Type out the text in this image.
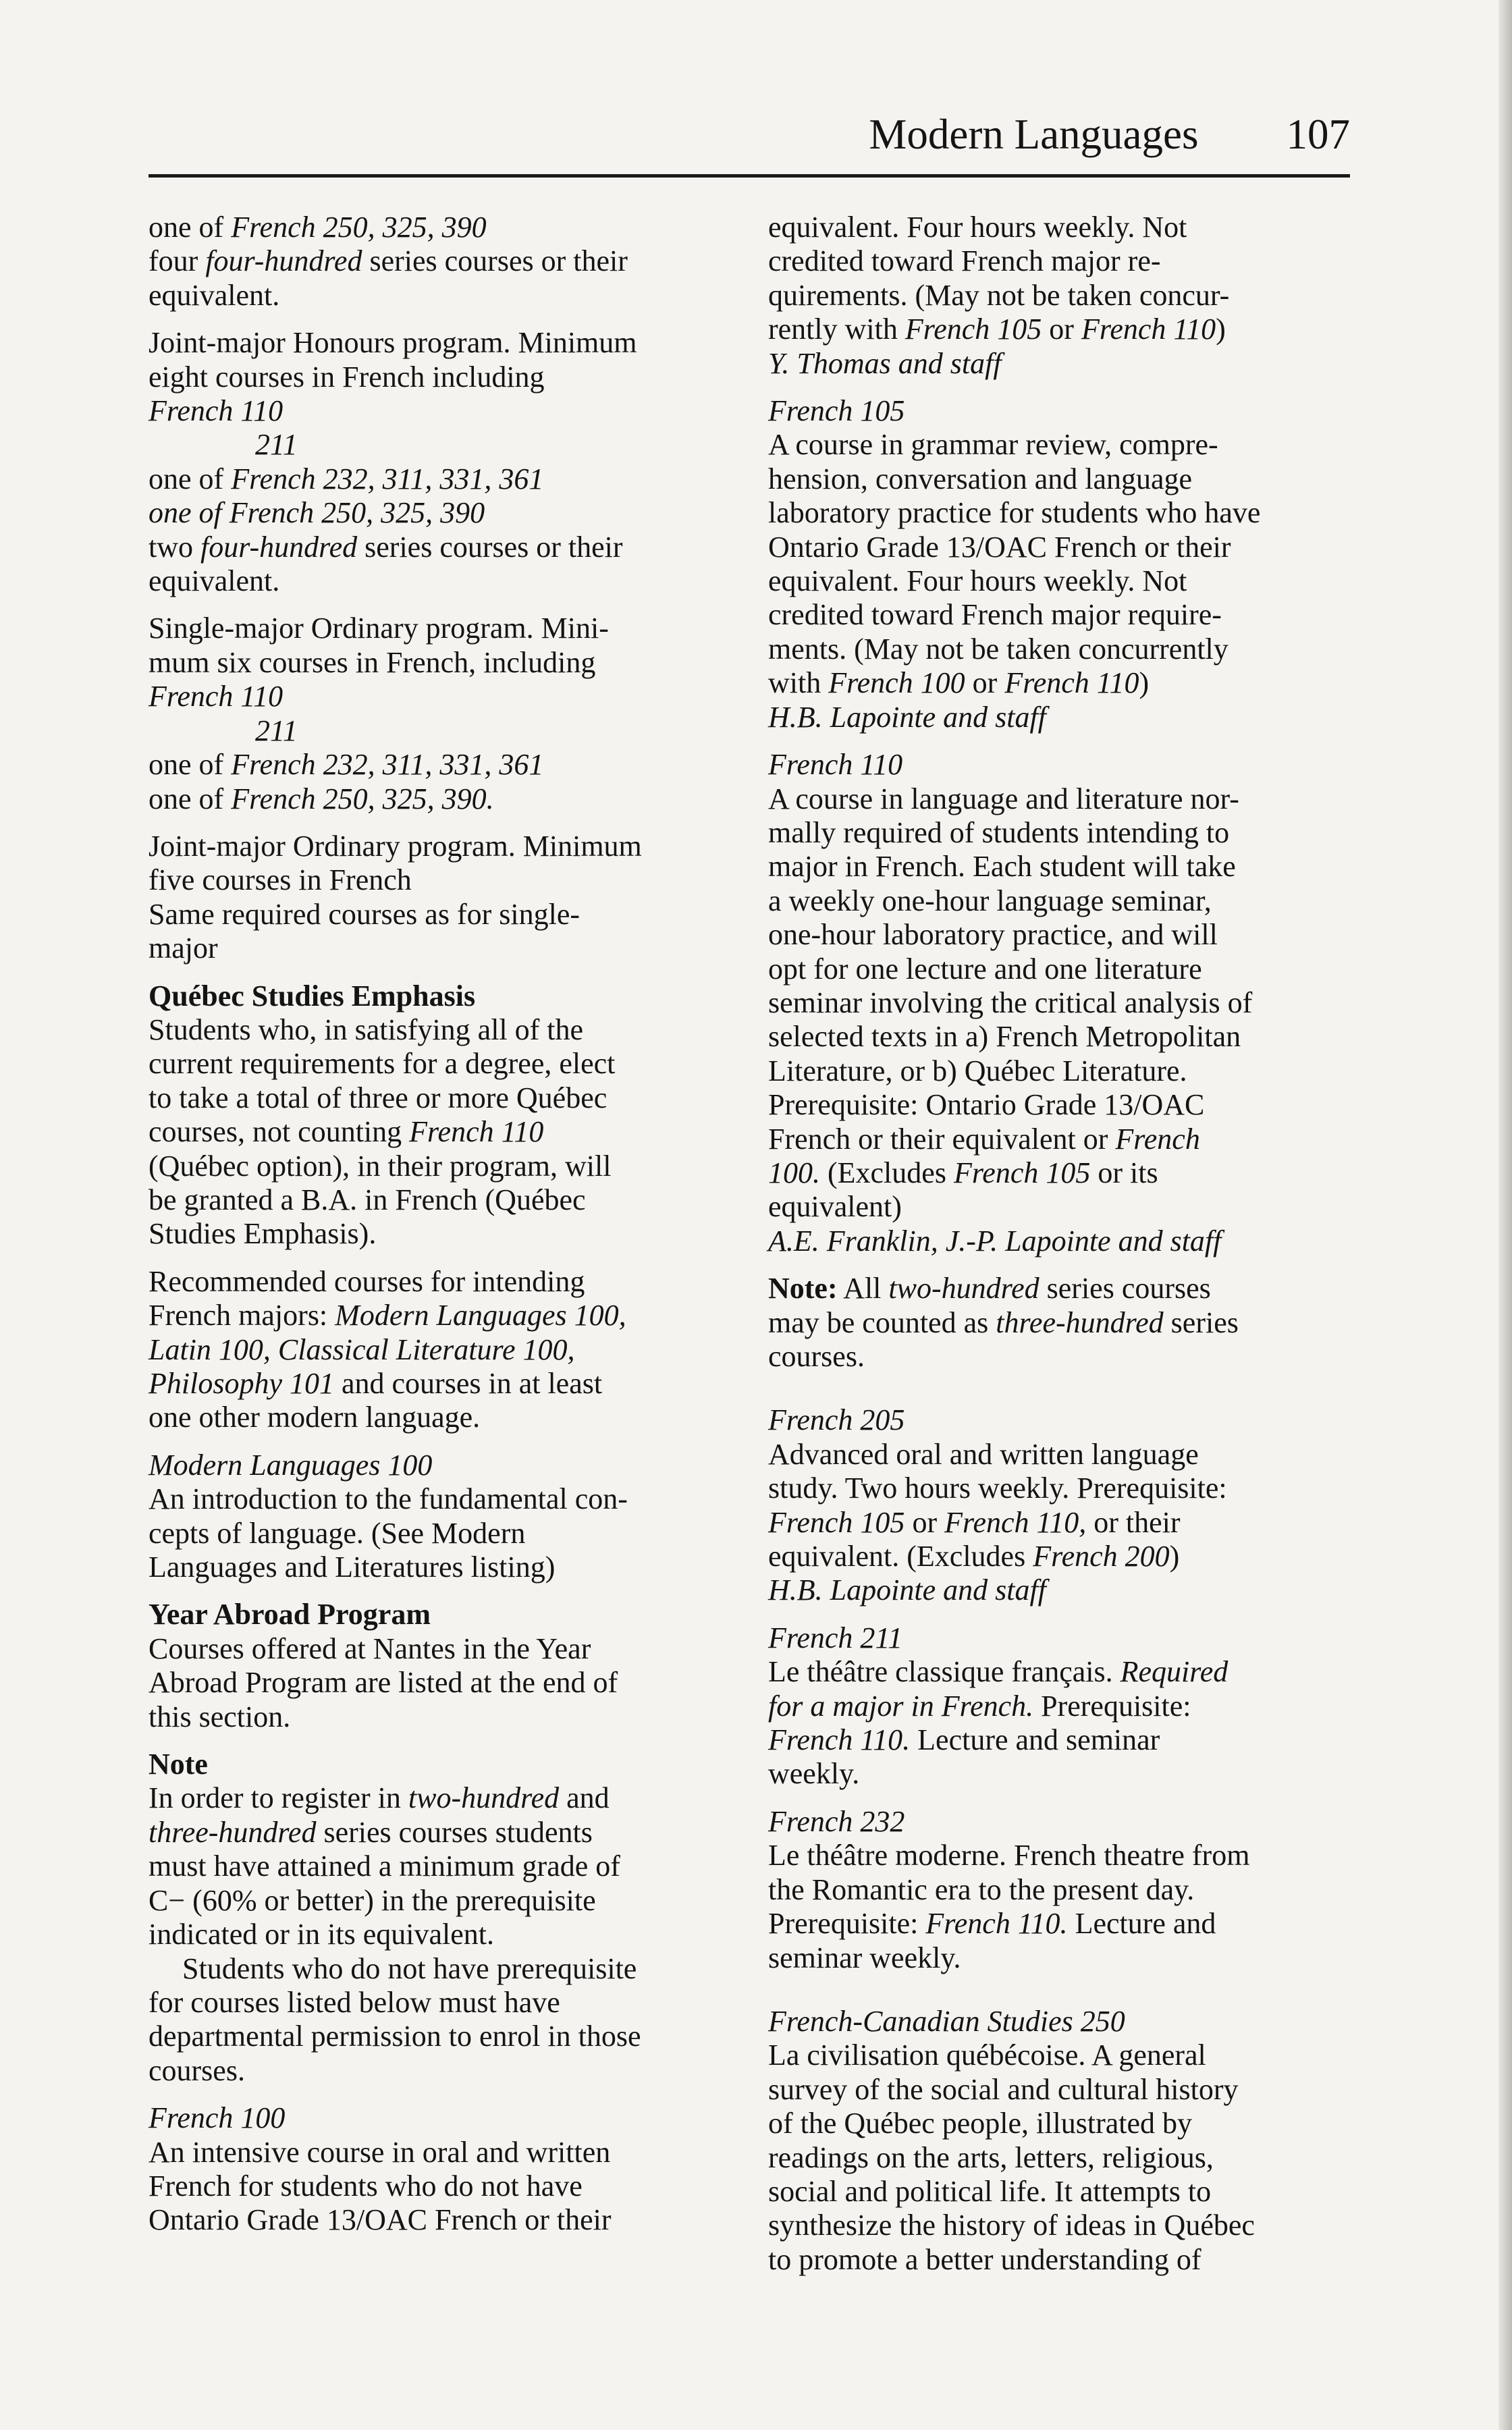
Modern Languages 107

one of French 250, 325, 390

four four-hundred series courses or their

equivalent.

Joint-major Honours program. Minimum

eight courses in French including

French 110

211

one of French 232, 311, 331, 361

one of French 250, 325, 390

two four-hundred series courses or their

equivalent.

Single-major Ordinary program. Mini-

mum six courses in French, including

French 110

211

one of French 232, 311, 331, 361

one of French 250, 325, 390.

Joint-major Ordinary program. Minimum

five courses in French

Same required courses as for single-

major

Québec Studies Emphasis

Students who, in satisfying all of the

current requirements for a degree, elect

to take a total of three or more Québec

courses, not counting French 110

(Québec option), in their program, will

be granted a B.A. in French (Québec

Studies Emphasis).

Recommended courses for intending

French majors: Modern Languages 100,

Latin 100, Classical Literature 100,

Philosophy 101 and courses in at least

one other modern language.

Modern Languages 100

An introduction to the fundamental con-

cepts of language. (See Modern

Languages and Literatures listing)

Year Abroad Program

Courses offered at Nantes in the Year

Abroad Program are listed at the end of

this section.

Note

In order to register in two-hundred and

three-hundred series courses students

must have attained a minimum grade of

C− (60% or better) in the prerequisite

indicated or in its equivalent.

Students who do not have prerequisite

for courses listed below must have

departmental permission to enrol in those

courses.

French 100

An intensive course in oral and written

French for students who do not have

Ontario Grade 13/OAC French or their

equivalent. Four hours weekly. Not

credited toward French major re-

quirements. (May not be taken concur-

rently with French 105 or French 110)

Y. Thomas and staff

French 105

A course in grammar review, compre-

hension, conversation and language

laboratory practice for students who have

Ontario Grade 13/OAC French or their

equivalent. Four hours weekly. Not

credited toward French major require-

ments. (May not be taken concurrently

with French 100 or French 110)

H.B. Lapointe and staff

French 110

A course in language and literature nor-

mally required of students intending to

major in French. Each student will take

a weekly one-hour language seminar,

one-hour laboratory practice, and will

opt for one lecture and one literature

seminar involving the critical analysis of

selected texts in a) French Metropolitan

Literature, or b) Québec Literature.

Prerequisite: Ontario Grade 13/OAC

French or their equivalent or French

100. (Excludes French 105 or its

equivalent)

A.E. Franklin, J.-P. Lapointe and staff

Note: All two-hundred series courses

may be counted as three-hundred series

courses.

French 205

Advanced oral and written language

study. Two hours weekly. Prerequisite:

French 105 or French 110, or their

equivalent. (Excludes French 200)

H.B. Lapointe and staff

French 211

Le théâtre classique français. Required

for a major in French. Prerequisite:

French 110. Lecture and seminar

weekly.

French 232

Le théâtre moderne. French theatre from

the Romantic era to the present day.

Prerequisite: French 110. Lecture and

seminar weekly.

French-Canadian Studies 250

La civilisation québécoise. A general

survey of the social and cultural history

of the Québec people, illustrated by

readings on the arts, letters, religious,

social and political life. It attempts to

synthesize the history of ideas in Québec

to promote a better understanding of
